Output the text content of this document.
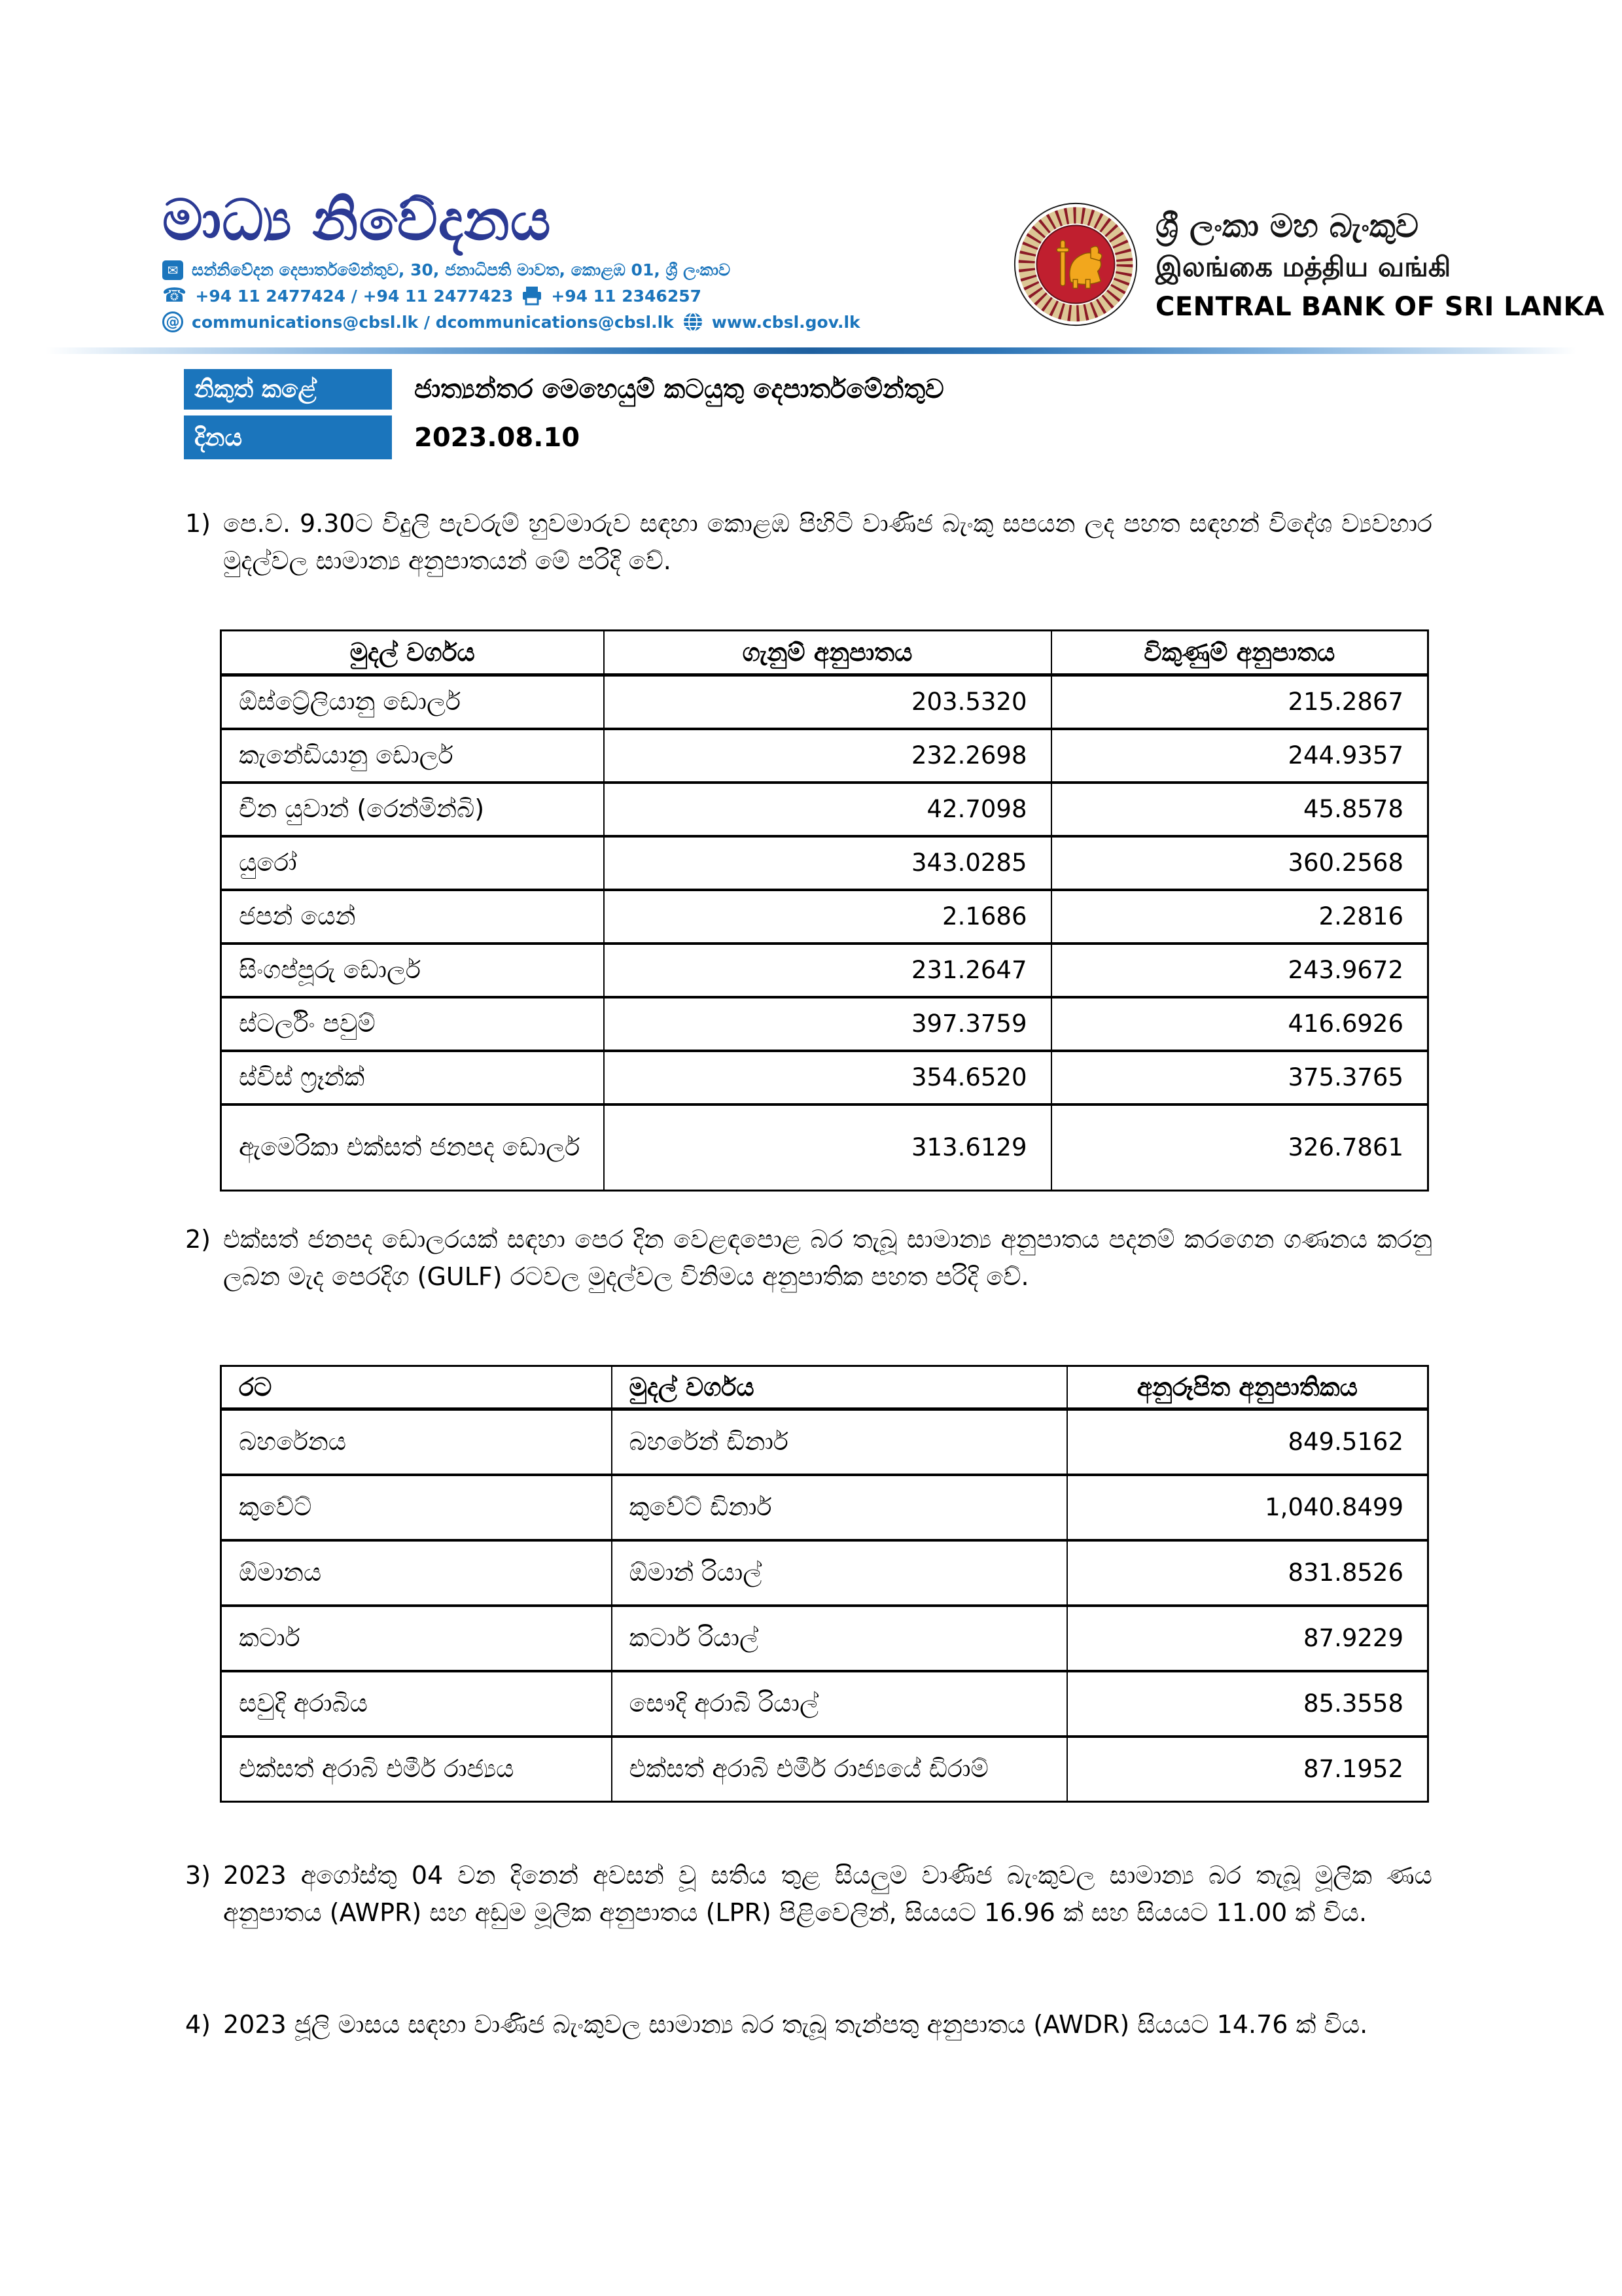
මාධ්‍ය නිවේදනය
✉ සන්නිවේදන දෙපාර්තමේන්තුව, 30, ජනාධිපති මාවත, කොළඹ 01, ශ්‍රී ලංකාව
☎ +94 11 2477424 / +94 11 2477423 +94 11 2346257
@ communications@cbsl.lk / dcommunications@cbsl.lk www.cbsl.gov.lk
ශ්‍රී ලංකා මහ බැංකුව
இலங்கை மத்திய வங்கி
CENTRAL BANK OF SRI LANKA
නිකුත් කළේ	ජාත්‍යන්තර මෙහෙයුම් කටයුතු දෙපාර්තමේන්තුව
දිනය	2023.08.10
1) පෙ.ව. 9.30ට විදුලි පැවරුම් හුවමාරුව සඳහා කොළඹ පිහිටි වාණිජ බැංකු සපයන ලද පහත සඳහන් විදේශ ව්‍යවහාර මුදල්වල සාමාන්‍ය අනුපාතයන් මේ පරිදි වේ.
මුදල් වර්ගය	ගැනුම් අනුපාතය	විකුණුම් අනුපාතය
ඕස්ට්‍රේලියානු ඩොලර්	203.5320	215.2867
කැනේඩියානු ඩොලර්	232.2698	244.9357
චීන යුවාන් (රෙන්මින්බි)	42.7098	45.8578
යුරෝ	343.0285	360.2568
ජපන් යෙන්	2.1686	2.2816
සිංගප්පූරු ඩොලර්	231.2647	243.9672
ස්ටර්ලිං පවුම්	397.3759	416.6926
ස්විස් ෆ්‍රෑන්ක්	354.6520	375.3765
ඇමෙරිකා එක්සත් ජනපද ඩොලර්	313.6129	326.7861
2) එක්සත් ජනපද ඩොලරයක් සඳහා පෙර දින වෙළඳපොළ බර තැබූ සාමාන්‍ය අනුපාතය පදනම් කරගෙන ගණනය කරනු ලබන මැද පෙරදිග (GULF) රටවල මුදල්වල විනිමය අනුපාතික පහත පරිදි වේ.
රට	මුදල් වර්ගය	අනුරූපිත අනුපාතිකය
බහරේනය	බහරේන් ඩිනාර්	849.5162
කුවේට්	කුවේට් ඩිනාර්	1,040.8499
ඕමානය	ඕමාන් රියාල්	831.8526
කටාර්	කටාර් රියාල්	87.9229
සවුදි අරාබිය	සෞදි අරාබි රියාල්	85.3558
එක්සත් අරාබි එමීර් රාජ්‍යය	එක්සත් අරාබි එමීර් රාජ්‍යයේ ඩිරාම්	87.1952
3) 2023 අගෝස්තු 04 වන දිනෙන් අවසන් වූ සතිය තුළ සියලුම වාණිජ බැංකුවල සාමාන්‍ය බර තැබූ මූලික ණය අනුපාතය (AWPR) සහ අඩුම මූලික අනුපාතය (LPR) පිළිවෙලින්, සියයට 16.96 ක් සහ සියයට 11.00 ක් විය.
4) 2023 ජූලි මාසය සඳහා වාණිජ බැංකුවල සාමාන්‍ය බර තැබූ තැන්පතු අනුපාතය (AWDR) සියයට 14.76 ක් විය.
